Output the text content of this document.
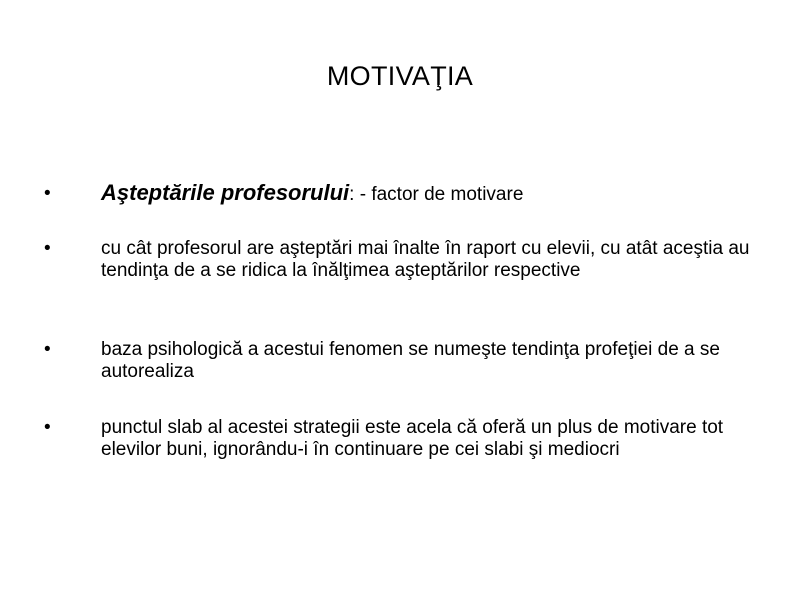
MOTIVAŢIA
• Aşteptările profesorului: - factor de motivare
•	cu cât profesorul are aşteptări mai înalte în raport cu elevii, cu atât aceştia au tendinţa de a se ridica la înălţimea aşteptărilor respective
•	baza psihologică a acestui fenomen se numeşte tendinţa profeţiei de a se autorealiza
•	punctul slab al acestei strategii este acela că oferă un plus de motivare tot elevilor buni, ignorându-i în continuare pe cei slabi şi mediocri
